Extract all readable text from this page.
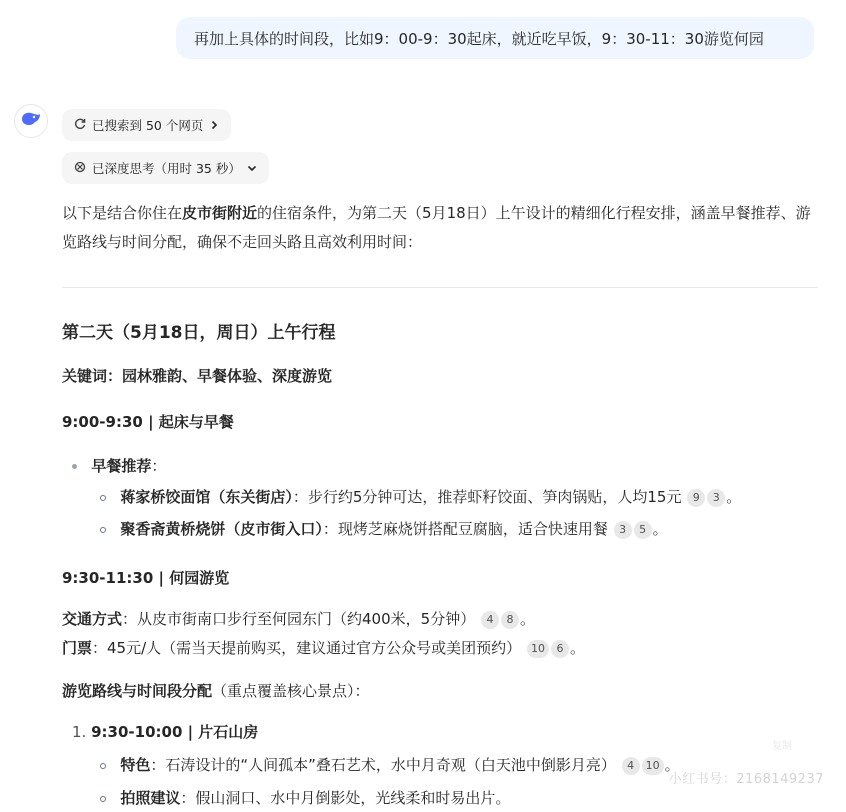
再加上具体的时间段，比如9：00-9：30起床，就近吃早饭，9：30-11：30游览何园
已搜索到 50 个网页
已深度思考（用时 35 秒）
以下是结合你住在皮市街附近的住宿条件，为第二天（5月18日）上午设计的精细化行程安排，涵盖早餐推荐、游览路线与时间分配，确保不走回头路且高效利用时间：
第二天（5月18日，周日）上午行程
关键词：园林雅韵、早餐体验、深度游览
9:00-9:30 | 起床与早餐
早餐推荐：
蒋家桥饺面馆（东关街店）：步行约5分钟可达，推荐虾籽饺面、笋肉锅贴，人均15元 9 3 。
聚香斋黄桥烧饼（皮市街入口）：现烤芝麻烧饼搭配豆腐脑，适合快速用餐 3 5 。
9:30-11:30 | 何园游览
交通方式：从皮市街南口步行至何园东门（约400米，5分钟） 4 8 。
门票：45元/人（需当天提前购买，建议通过官方公众号或美团预约） 10 6 。
游览路线与时间段分配（重点覆盖核心景点）：
1. 9:30-10:00 | 片石山房
特色：石涛设计的“人间孤本”叠石艺术，水中月奇观（白天池中倒影月亮） 4 10 。
拍照建议：假山洞口、水中月倒影处，光线柔和时易出片。
复制
小红书号：2168149237
